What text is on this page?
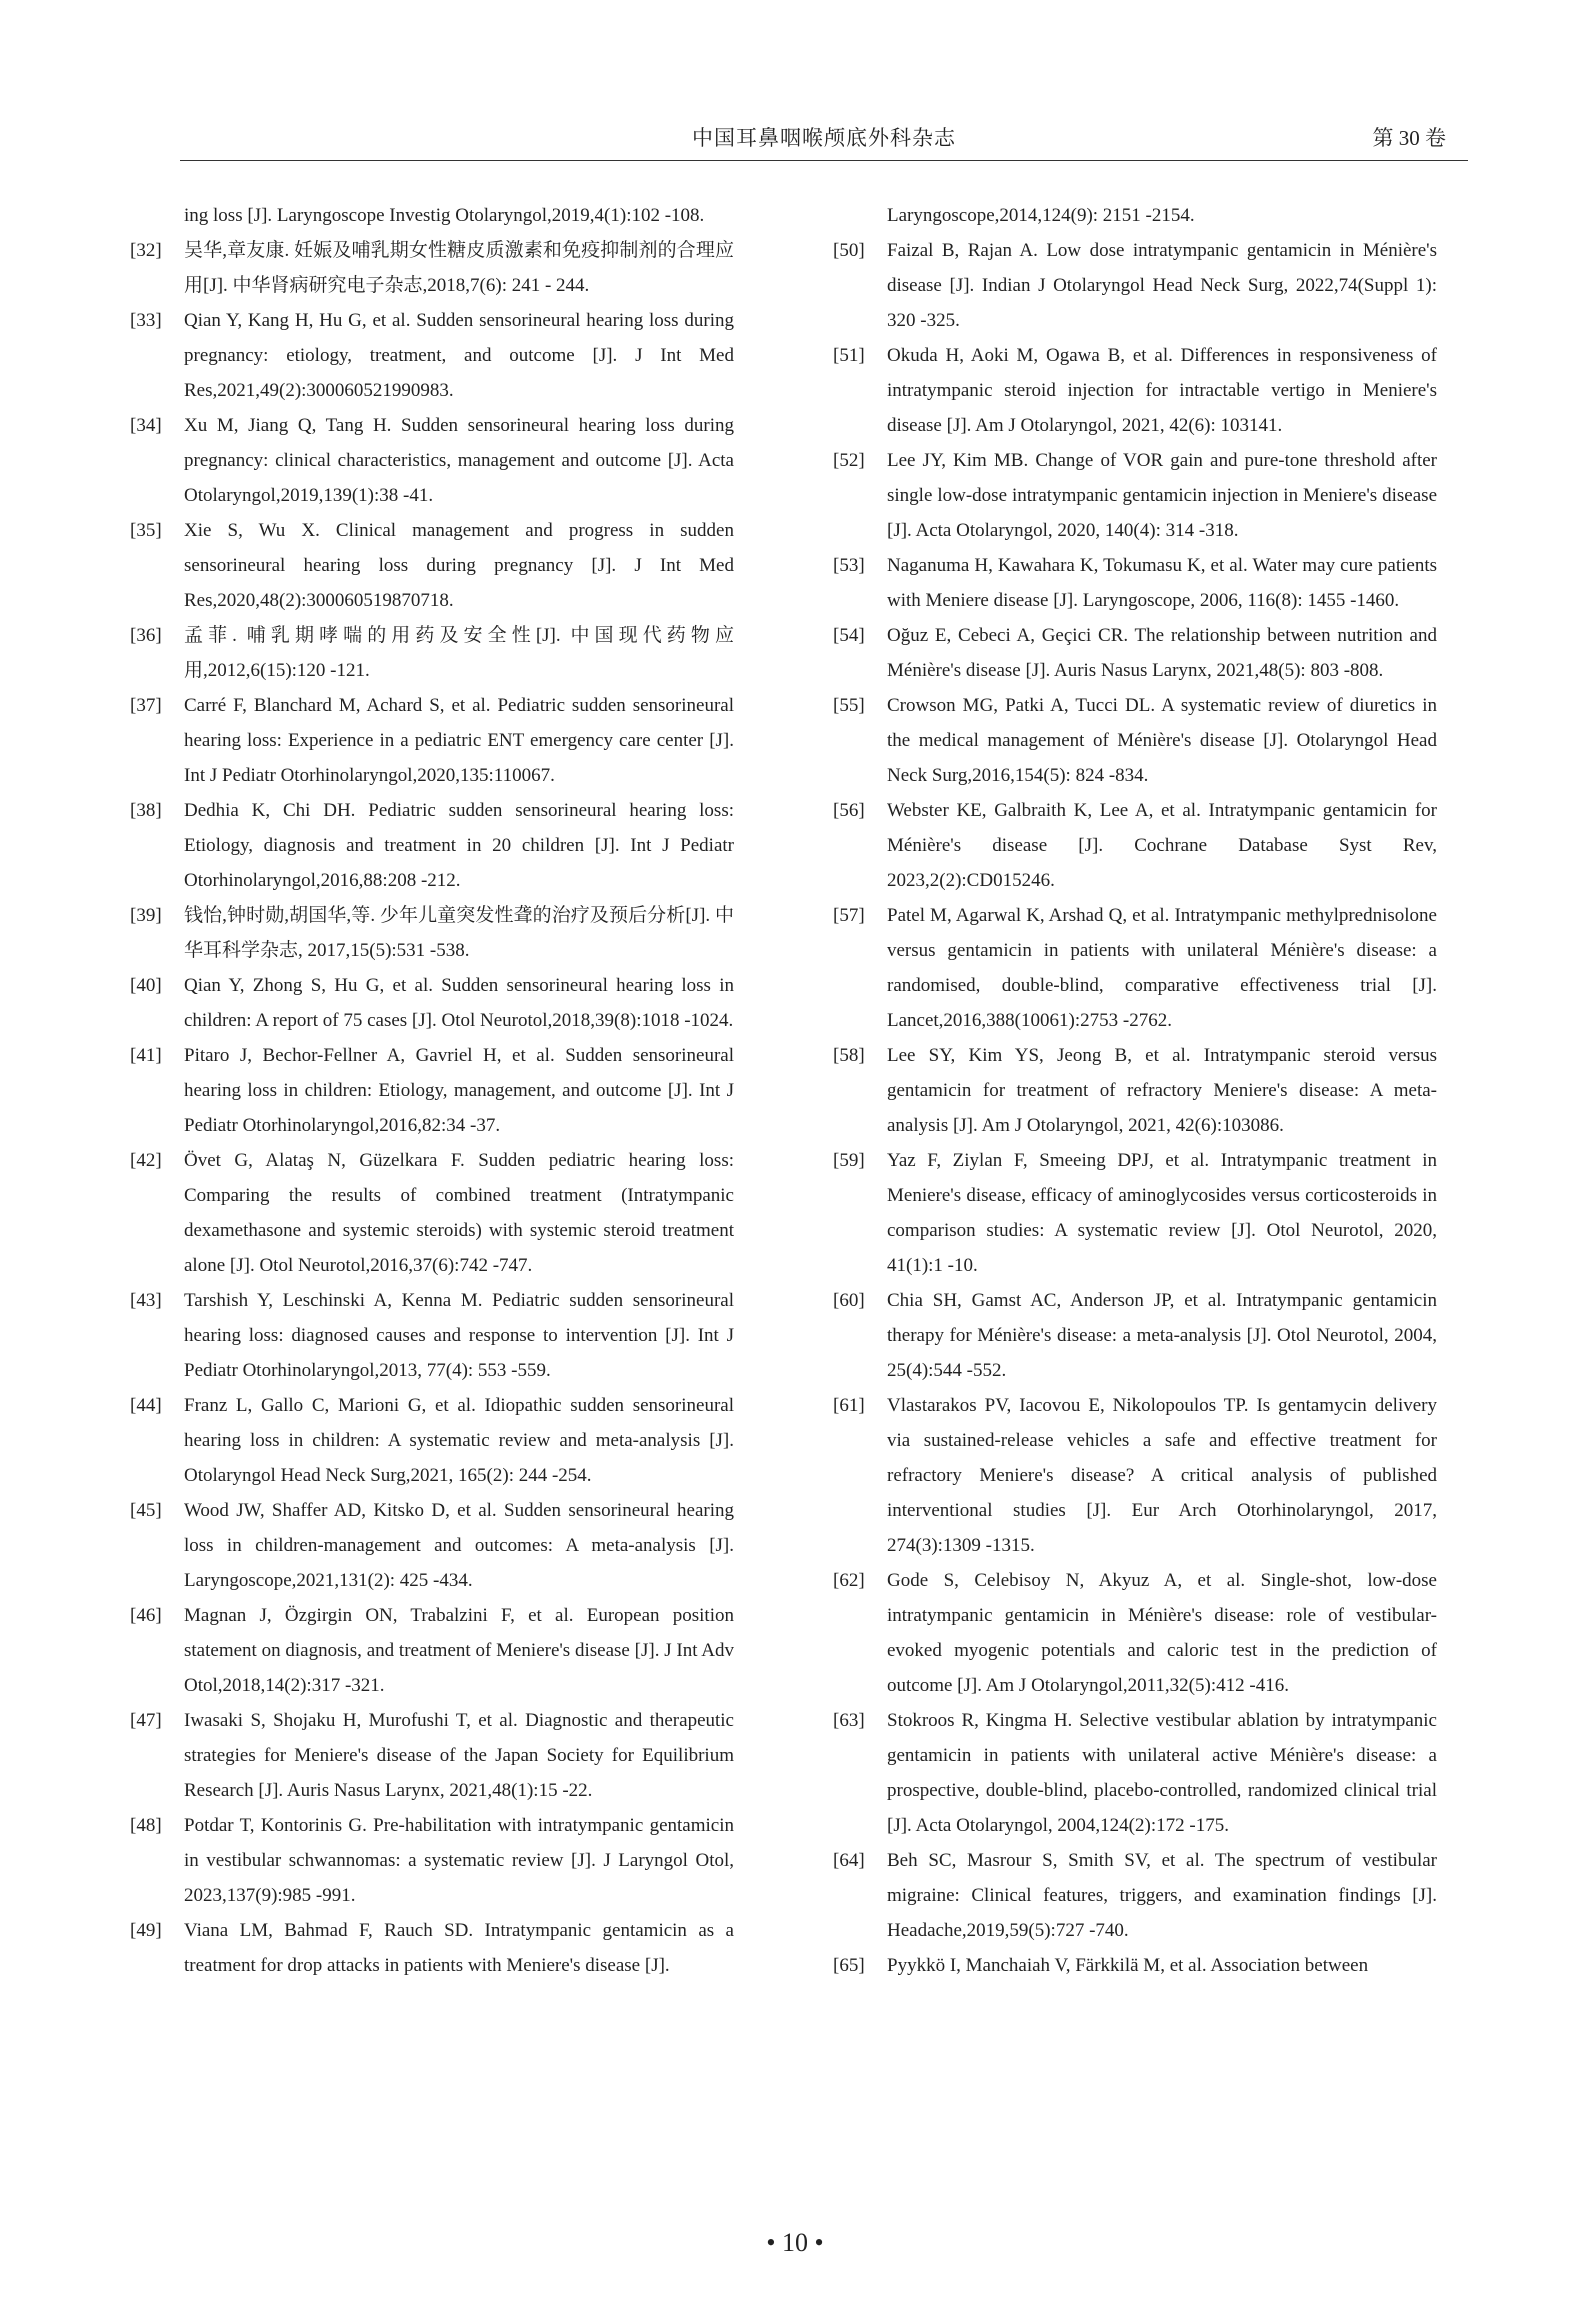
中国耳鼻咽喉颅底外科杂志	第 30 卷
ing loss [J]. Laryngoscope Investig Otolaryngol,2019,4(1):102 -108.
[32]	吴华,章友康. 妊娠及哺乳期女性糖皮质激素和免疫抑制剂的合理应用[J]. 中华肾病研究电子杂志,2018,7(6): 241 - 244.
[33]	Qian Y, Kang H, Hu G, et al. Sudden sensorineural hearing loss during pregnancy: etiology, treatment, and outcome [J]. J Int Med Res,2021,49(2):300060521990983.
[34]	Xu M, Jiang Q, Tang H. Sudden sensorineural hearing loss during pregnancy: clinical characteristics, management and outcome [J]. Acta Otolaryngol,2019,139(1):38 -41.
[35]	Xie S, Wu X. Clinical management and progress in sudden sensorineural hearing loss during pregnancy [J]. J Int Med Res,2020,48(2):300060519870718.
[36]	孟菲. 哺乳期哮喘的用药及安全性[J]. 中国现代药物应用,2012,6(15):120 -121.
[37]	Carré F, Blanchard M, Achard S, et al. Pediatric sudden sensorineural hearing loss: Experience in a pediatric ENT emergency care center [J]. Int J Pediatr Otorhinolaryngol,2020,135:110067.
[38]	Dedhia K, Chi DH. Pediatric sudden sensorineural hearing loss: Etiology, diagnosis and treatment in 20 children [J]. Int J Pediatr Otorhinolaryngol,2016,88:208 -212.
[39]	钱怡,钟时勋,胡国华,等. 少年儿童突发性聋的治疗及预后分析[J]. 中华耳科学杂志, 2017,15(5):531 -538.
[40]	Qian Y, Zhong S, Hu G, et al. Sudden sensorineural hearing loss in children: A report of 75 cases [J]. Otol Neurotol,2018,39(8):1018 -1024.
[41]	Pitaro J, Bechor-Fellner A, Gavriel H, et al. Sudden sensorineural hearing loss in children: Etiology, management, and outcome [J]. Int J Pediatr Otorhinolaryngol,2016,82:34 -37.
[42]	Övet G, Alataş N, Güzelkara F. Sudden pediatric hearing loss: Comparing the results of combined treatment (Intratympanic dexamethasone and systemic steroids) with systemic steroid treatment alone [J]. Otol Neurotol,2016,37(6):742 -747.
[43]	Tarshish Y, Leschinski A, Kenna M. Pediatric sudden sensorineural hearing loss: diagnosed causes and response to intervention [J]. Int J Pediatr Otorhinolaryngol,2013, 77(4): 553 -559.
[44]	Franz L, Gallo C, Marioni G, et al. Idiopathic sudden sensorineural hearing loss in children: A systematic review and meta-analysis [J]. Otolaryngol Head Neck Surg,2021, 165(2): 244 -254.
[45]	Wood JW, Shaffer AD, Kitsko D, et al. Sudden sensorineural hearing loss in children-management and outcomes: A meta-analysis [J]. Laryngoscope,2021,131(2): 425 -434.
[46]	Magnan J, Özgirgin ON, Trabalzini F, et al. European position statement on diagnosis, and treatment of Meniere's disease [J]. J Int Adv Otol,2018,14(2):317 -321.
[47]	Iwasaki S, Shojaku H, Murofushi T, et al. Diagnostic and therapeutic strategies for Meniere's disease of the Japan Society for Equilibrium Research [J]. Auris Nasus Larynx, 2021,48(1):15 -22.
[48]	Potdar T, Kontorinis G. Pre-habilitation with intratympanic gentamicin in vestibular schwannomas: a systematic review [J]. J Laryngol Otol, 2023,137(9):985 -991.
[49]	Viana LM, Bahmad F, Rauch SD. Intratympanic gentamicin as a treatment for drop attacks in patients with Meniere's disease [J].
Laryngoscope,2014,124(9): 2151 -2154.
[50]	Faizal B, Rajan A. Low dose intratympanic gentamicin in Ménière's disease [J]. Indian J Otolaryngol Head Neck Surg, 2022,74(Suppl 1): 320 -325.
[51]	Okuda H, Aoki M, Ogawa B, et al. Differences in responsiveness of intratympanic steroid injection for intractable vertigo in Meniere's disease [J]. Am J Otolaryngol, 2021, 42(6): 103141.
[52]	Lee JY, Kim MB. Change of VOR gain and pure-tone threshold after single low-dose intratympanic gentamicin injection in Meniere's disease [J]. Acta Otolaryngol, 2020, 140(4): 314 -318.
[53]	Naganuma H, Kawahara K, Tokumasu K, et al. Water may cure patients with Meniere disease [J]. Laryngoscope, 2006, 116(8): 1455 -1460.
[54]	Oğuz E, Cebeci A, Geçici CR. The relationship between nutrition and Ménière's disease [J]. Auris Nasus Larynx, 2021,48(5): 803 -808.
[55]	Crowson MG, Patki A, Tucci DL. A systematic review of diuretics in the medical management of Ménière's disease [J]. Otolaryngol Head Neck Surg,2016,154(5): 824 -834.
[56]	Webster KE, Galbraith K, Lee A, et al. Intratympanic gentamicin for Ménière's disease [J]. Cochrane Database Syst Rev, 2023,2(2):CD015246.
[57]	Patel M, Agarwal K, Arshad Q, et al. Intratympanic methylprednisolone versus gentamicin in patients with unilateral Ménière's disease: a randomised, double-blind, comparative effectiveness trial [J]. Lancet,2016,388(10061):2753 -2762.
[58]	Lee SY, Kim YS, Jeong B, et al. Intratympanic steroid versus gentamicin for treatment of refractory Meniere's disease: A meta-analysis [J]. Am J Otolaryngol, 2021, 42(6):103086.
[59]	Yaz F, Ziylan F, Smeeing DPJ, et al. Intratympanic treatment in Meniere's disease, efficacy of aminoglycosides versus corticosteroids in comparison studies: A systematic review [J]. Otol Neurotol, 2020, 41(1):1 -10.
[60]	Chia SH, Gamst AC, Anderson JP, et al. Intratympanic gentamicin therapy for Ménière's disease: a meta-analysis [J]. Otol Neurotol, 2004, 25(4):544 -552.
[61]	Vlastarakos PV, Iacovou E, Nikolopoulos TP. Is gentamycin delivery via sustained-release vehicles a safe and effective treatment for refractory Meniere's disease? A critical analysis of published interventional studies [J]. Eur Arch Otorhinolaryngol, 2017, 274(3):1309 -1315.
[62]	Gode S, Celebisoy N, Akyuz A, et al. Single-shot, low-dose intratympanic gentamicin in Ménière's disease: role of vestibular-evoked myogenic potentials and caloric test in the prediction of outcome [J]. Am J Otolaryngol,2011,32(5):412 -416.
[63]	Stokroos R, Kingma H. Selective vestibular ablation by intratympanic gentamicin in patients with unilateral active Ménière's disease: a prospective, double-blind, placebo-controlled, randomized clinical trial [J]. Acta Otolaryngol, 2004,124(2):172 -175.
[64]	Beh SC, Masrour S, Smith SV, et al. The spectrum of vestibular migraine: Clinical features, triggers, and examination findings [J]. Headache,2019,59(5):727 -740.
[65]	Pyykkö I, Manchaiah V, Färkkilä M, et al. Association between
• 10 •
